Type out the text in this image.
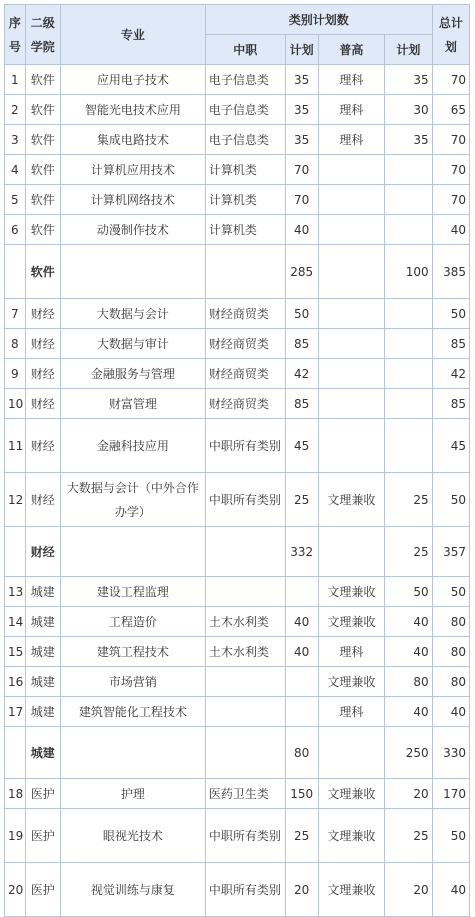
序号	二级学院	专业	类别计划数				总计划
			中职	计划	普高	计划	
1	软件	应用电子技术	电子信息类	35	理科	35	70
2	软件	智能光电技术应用	电子信息类	35	理科	30	65
3	软件	集成电路技术	电子信息类	35	理科	35	70
4	软件	计算机应用技术	计算机类	70			70
5	软件	计算机网络技术	计算机类	70			70
6	软件	动漫制作技术	计算机类	40			40
	软件			285		100	385
7	财经	大数据与会计	财经商贸类	50			50
8	财经	大数据与审计	财经商贸类	85			85
9	财经	金融服务与管理	财经商贸类	42			42
10	财经	财富管理	财经商贸类	85			85
11	财经	金融科技应用	中职所有类别	45			45
12	财经	大数据与会计（中外合作办学）	中职所有类别	25	文理兼收	25	50
	财经			332		25	357
13	城建	建设工程监理			文理兼收	50	50
14	城建	工程造价	土木水利类	40	文理兼收	40	80
15	城建	建筑工程技术	土木水利类	40	理科	40	80
16	城建	市场营销			文理兼收	80	80
17	城建	建筑智能化工程技术			理科	40	40
	城建			80		250	330
18	医护	护理	医药卫生类	150	文理兼收	20	170
19	医护	眼视光技术	中职所有类别	25	文理兼收	25	50
20	医护	视觉训练与康复	中职所有类别	20	文理兼收	20	40
